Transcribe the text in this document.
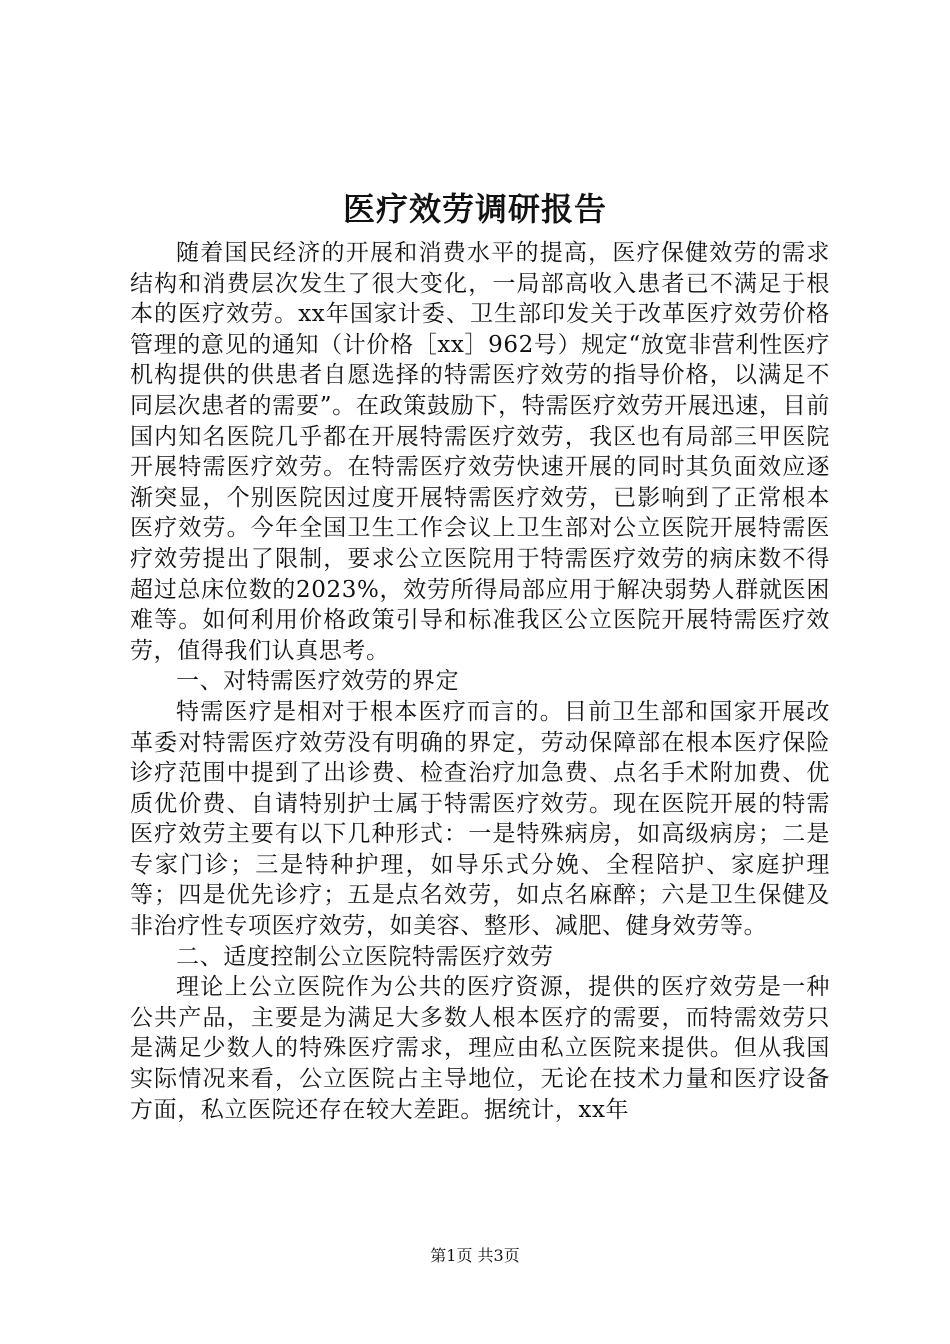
医疗效劳调研报告

随着国民经济的开展和消费水平的提高，医疗保健效劳的需求结构和消费层次发生了很大变化，一局部高收入患者已不满足于根本的医疗效劳。xx年国家计委、卫生部印发关于改革医疗效劳价格管理的意见的通知（计价格［xx］962号）规定“放宽非营利性医疗机构提供的供患者自愿选择的特需医疗效劳的指导价格，以满足不同层次患者的需要”。在政策鼓励下，特需医疗效劳开展迅速，目前国内知名医院几乎都在开展特需医疗效劳，我区也有局部三甲医院开展特需医疗效劳。在特需医疗效劳快速开展的同时其负面效应逐渐突显，个别医院因过度开展特需医疗效劳，已影响到了正常根本医疗效劳。今年全国卫生工作会议上卫生部对公立医院开展特需医疗效劳提出了限制，要求公立医院用于特需医疗效劳的病床数不得超过总床位数的2023%，效劳所得局部应用于解决弱势人群就医困难等。如何利用价格政策引导和标准我区公立医院开展特需医疗效劳，值得我们认真思考。

一、对特需医疗效劳的界定

特需医疗是相对于根本医疗而言的。目前卫生部和国家开展改革委对特需医疗效劳没有明确的界定，劳动保障部在根本医疗保险诊疗范围中提到了出诊费、检查治疗加急费、点名手术附加费、优质优价费、自请特别护士属于特需医疗效劳。现在医院开展的特需医疗效劳主要有以下几种形式：一是特殊病房，如高级病房；二是专家门诊；三是特种护理，如导乐式分娩、全程陪护、家庭护理等；四是优先诊疗；五是点名效劳，如点名麻醉；六是卫生保健及非治疗性专项医疗效劳，如美容、整形、减肥、健身效劳等。

二、适度控制公立医院特需医疗效劳

理论上公立医院作为公共的医疗资源，提供的医疗效劳是一种公共产品，主要是为满足大多数人根本医疗的需要，而特需效劳只是满足少数人的特殊医疗需求，理应由私立医院来提供。但从我国实际情况来看，公立医院占主导地位，无论在技术力量和医疗设备方面，私立医院还存在较大差距。据统计，xx年

第1页 共3页
